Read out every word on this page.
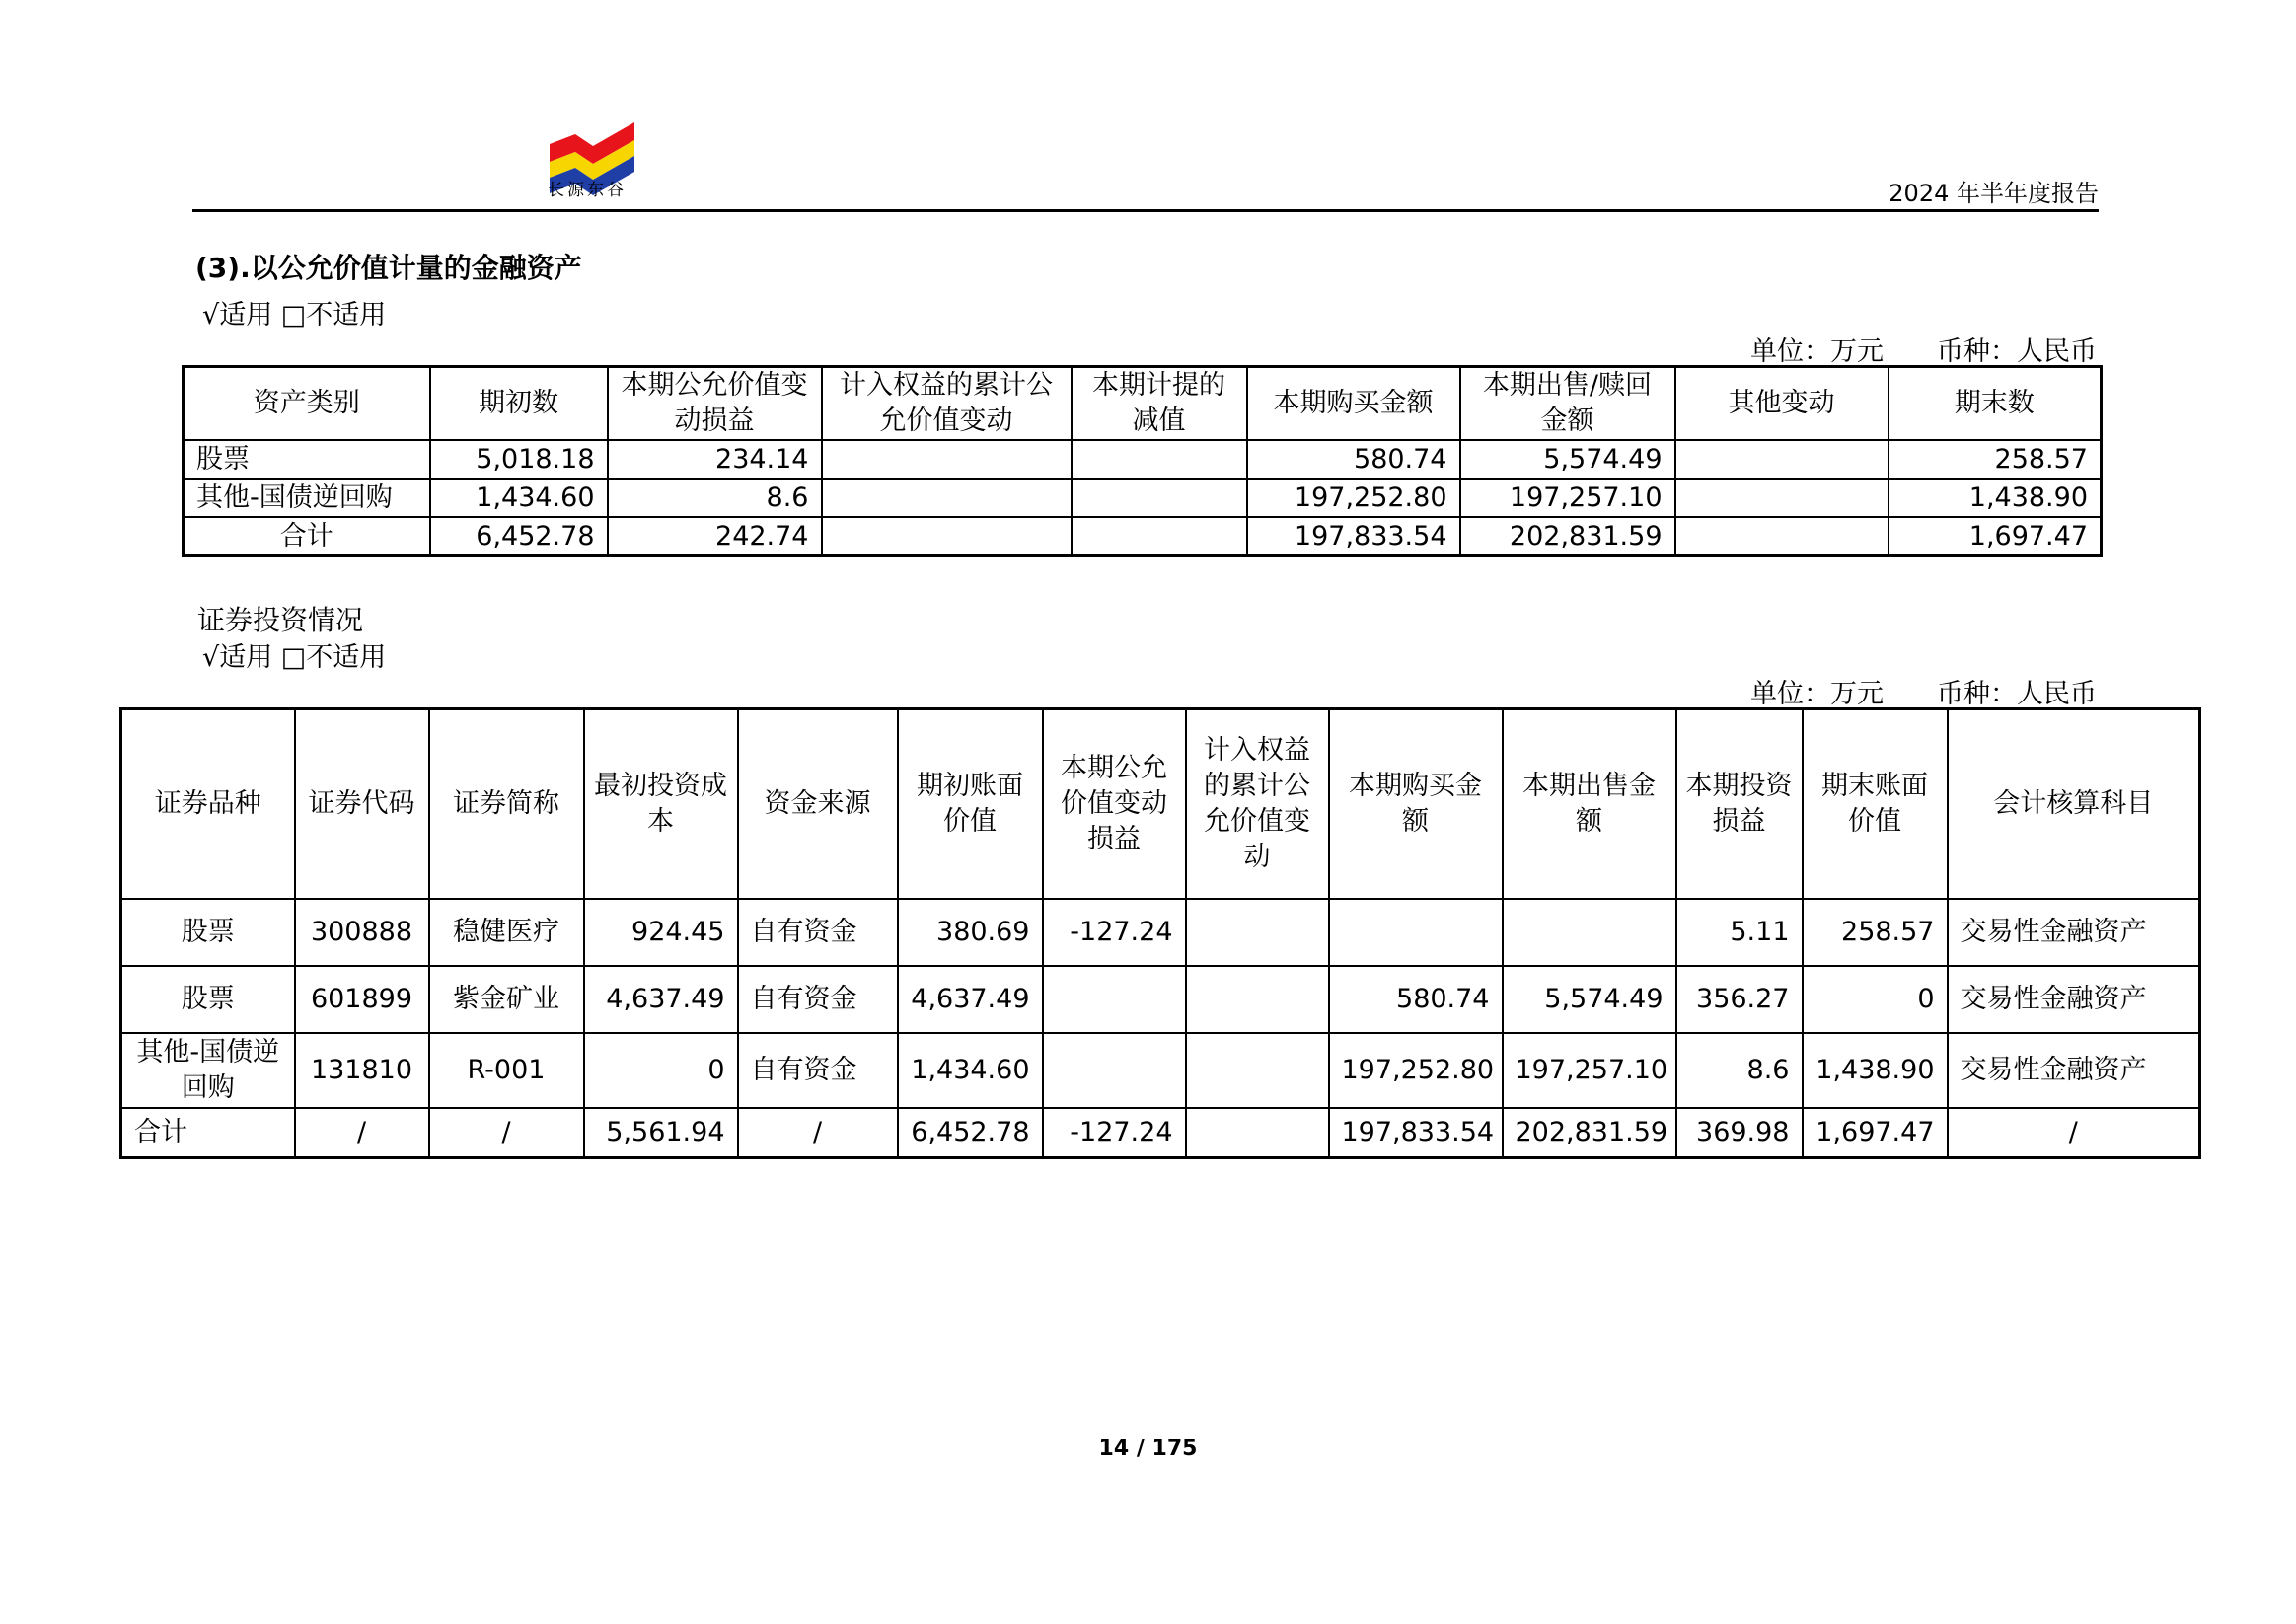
长源东谷	2024 年半年度报告
(3).以公允价值计量的金融资产
√适用 □不适用
单位：万元 币种：人民币
资产类别	期初数	本期公允价值变动损益	计入权益的累计公允价值变动	本期计提的减值	本期购买金额	本期出售/赎回金额	其他变动	期末数
股票	5,018.18	234.14			580.74	5,574.49		258.57
其他-国债逆回购	1,434.60	8.6			197,252.80	197,257.10		1,438.90
合计	6,452.78	242.74			197,833.54	202,831.59		1,697.47
证券投资情况
√适用 □不适用
单位：万元 币种：人民币
证券品种	证券代码	证券简称	最初投资成本	资金来源	期初账面价值	本期公允价值变动损益	计入权益的累计公允价值变动	本期购买金额	本期出售金额	本期投资损益	期末账面价值	会计核算科目
股票	300888	稳健医疗	924.45	自有资金	380.69	-127.24				5.11	258.57	交易性金融资产
股票	601899	紫金矿业	4,637.49	自有资金	4,637.49			580.74	5,574.49	356.27	0	交易性金融资产
其他-国债逆回购	131810	R-001	0	自有资金	1,434.60			197,252.80	197,257.10	8.6	1,438.90	交易性金融资产
合计	/	/	5,561.94	/	6,452.78	-127.24		197,833.54	202,831.59	369.98	1,697.47	/
14 / 175
